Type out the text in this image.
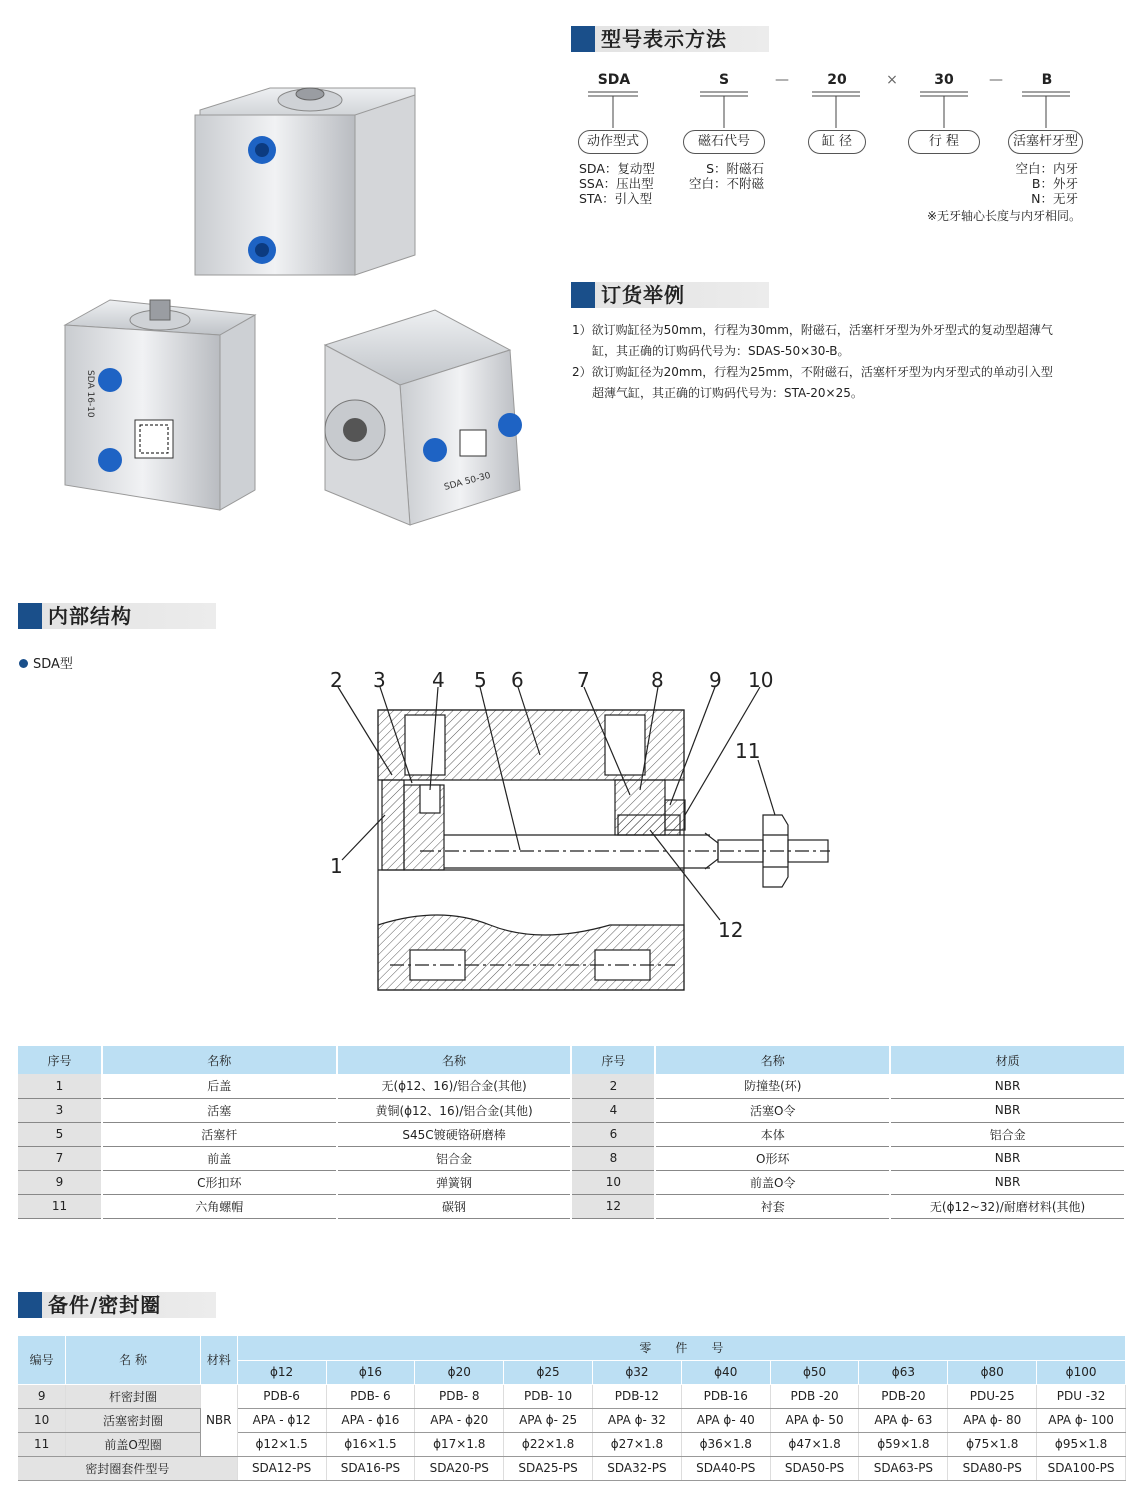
SDA 16-10
SDA 50-30
型号表示方法
SDA	S	—	20	×	30	—	B
动作型式	磁石代号	缸 径	行 程	活塞杆牙型
SDA：复动型
SSA：压出型
STA：引入型
S：附磁石
空白：不附磁
空白：内牙
B：外牙
N：无牙
※无牙轴心长度与内牙相同。
订货举例
1）欲订购缸径为50mm，行程为30mm，附磁石，活塞杆牙型为外牙型式的复动型超薄气
缸，其正确的订购码代号为：SDAS-50×30-B。
2）欲订购缸径为20mm，行程为25mm，不附磁石，活塞杆牙型为内牙型式的单动引入型
超薄气缸，其正确的订购码代号为：STA-20×25。
内部结构
SDA型
2 3 4 5 6	7	8 9 10
11
1
12
序号	名称	名称	序号	名称	材质
1	后盖	无(ϕ12、16)/铝合金(其他)	2	防撞垫(环)	NBR
3	活塞	黄铜(ϕ12、16)/铝合金(其他)	4	活塞O令	NBR
5	活塞杆	S45C镀硬铬研磨棒	6	本体	铝合金
7	前盖	铝合金	8	O形环	NBR
9	C形扣环	弹簧钢	10	前盖O令	NBR
11	六角螺帽	碳钢	12	衬套	无(ϕ12~32)/耐磨材料(其他)
备件/密封圈
编号	名 称	材料	零　　件　　号									
			ϕ12	ϕ16	ϕ20	ϕ25	ϕ32	ϕ40	ϕ50	ϕ63	ϕ80	ϕ100
9	杆密封圈	NBR	PDB-6	PDB- 6	PDB- 8	PDB- 10	PDB-12	PDB-16	PDB -20	PDB-20	PDU-25	PDU -32
10	活塞密封圈		APA - ϕ12	APA - ϕ16	APA - ϕ20	APA ϕ- 25	APA ϕ- 32	APA ϕ- 40	APA ϕ- 50	APA ϕ- 63	APA ϕ- 80	APA ϕ- 100
11	前盖O型圈		ϕ12×1.5	ϕ16×1.5	ϕ17×1.8	ϕ22×1.8	ϕ27×1.8	ϕ36×1.8	ϕ47×1.8	ϕ59×1.8	ϕ75×1.8	ϕ95×1.8
密封圈套件型号			SDA12-PS	SDA16-PS	SDA20-PS	SDA25-PS	SDA32-PS	SDA40-PS	SDA50-PS	SDA63-PS	SDA80-PS	SDA100-PS
